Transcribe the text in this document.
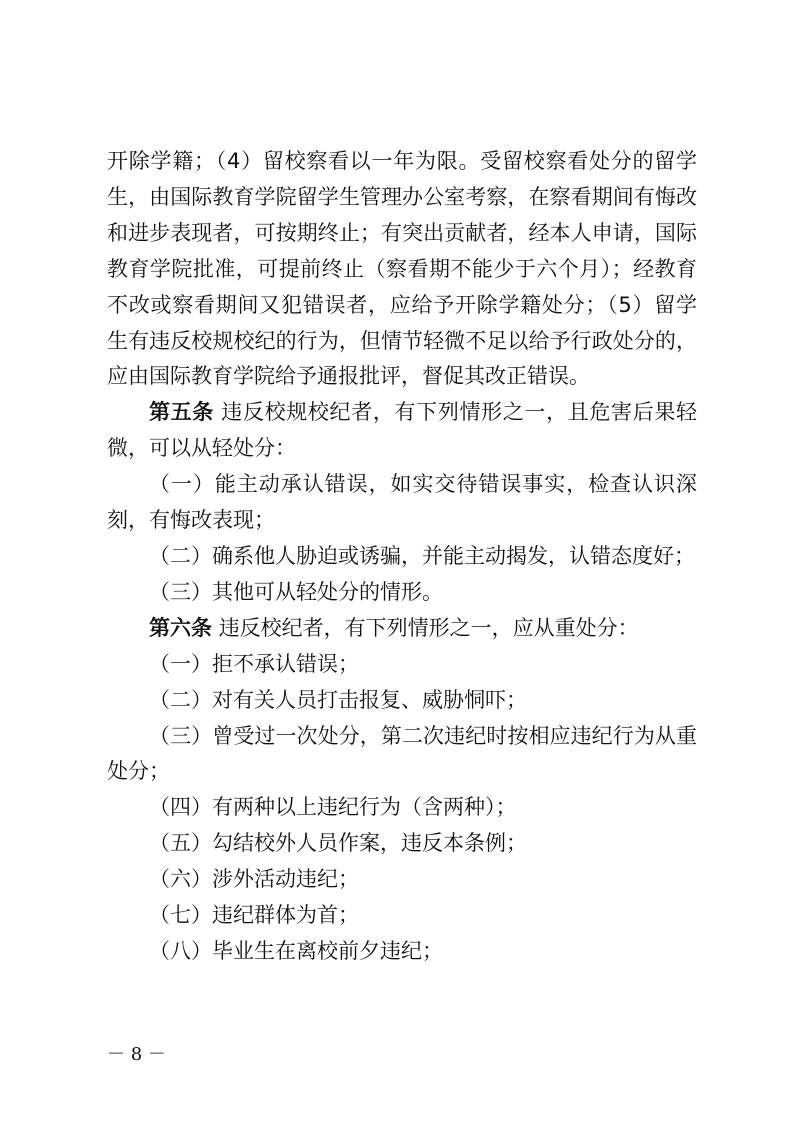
开除学籍；（4）留校察看以一年为限。受留校察看处分的留学生，由国际教育学院留学生管理办公室考察，在察看期间有悔改和进步表现者，可按期终止；有突出贡献者，经本人申请，国际教育学院批准，可提前终止（察看期不能少于六个月）；经教育不改或察看期间又犯错误者，应给予开除学籍处分；（5）留学生有违反校规校纪的行为，但情节轻微不足以给予行政处分的，应由国际教育学院给予通报批评，督促其改正错误。

第五条 违反校规校纪者，有下列情形之一，且危害后果轻微，可以从轻处分：

（一）能主动承认错误，如实交待错误事实，检查认识深刻，有悔改表现；

（二）确系他人胁迫或诱骗，并能主动揭发，认错态度好；

（三）其他可从轻处分的情形。

第六条 违反校纪者，有下列情形之一，应从重处分：

（一）拒不承认错误；

（二）对有关人员打击报复、威胁恫吓；

（三）曾受过一次处分，第二次违纪时按相应违纪行为从重处分；

（四）有两种以上违纪行为（含两种）；

（五）勾结校外人员作案，违反本条例；

（六）涉外活动违纪；

（七）违纪群体为首；

（八）毕业生在离校前夕违纪；

－ 8 －
